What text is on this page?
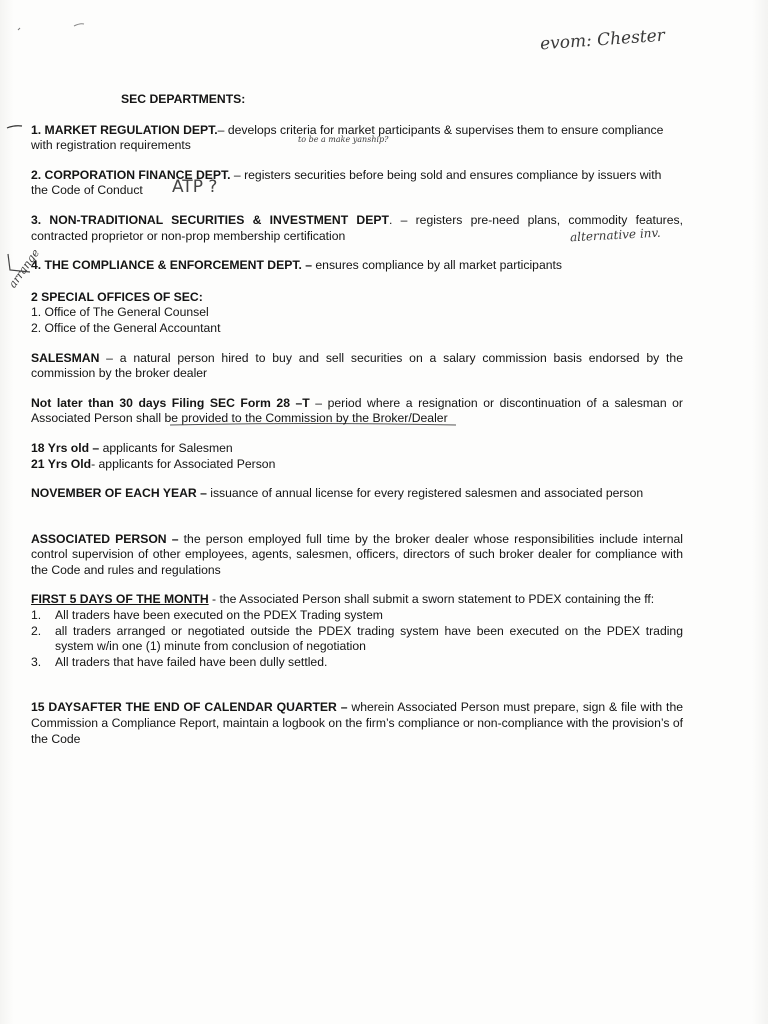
evom: Chester
to be a make yanship?
ATP ?
alternative inv.
arrange
SEC DEPARTMENTS:

1. MARKET REGULATION DEPT.– develops criteria for market participants & supervises them to ensure compliance

with registration requirements

2. CORPORATION FINANCE DEPT. – registers securities before being sold and ensures compliance by issuers with

the Code of Conduct

3. NON-TRADITIONAL SECURITIES & INVESTMENT DEPT. – registers pre-need plans, commodity features,

contracted proprietor or non-prop membership certification

4. THE COMPLIANCE & ENFORCEMENT DEPT. – ensures compliance by all market participants

2 SPECIAL OFFICES OF SEC:

1. Office of The General Counsel

2. Office of the General Accountant

SALESMAN – a natural person hired to buy and sell securities on a salary commission basis endorsed by the commission by the broker dealer

Not later than 30 days Filing SEC Form 28 –T – period where a resignation or discontinuation of a salesman or Associated Person shall be provided to the Commission by the Broker/Dealer

18 Yrs old – applicants for Salesmen

21 Yrs Old- applicants for Associated Person

NOVEMBER OF EACH YEAR – issuance of annual license for every registered salesmen and associated person

ASSOCIATED PERSON – the person employed full time by the broker dealer whose responsibilities include internal control supervision of other employees, agents, salesmen, officers, directors of such broker dealer for compliance with the Code and rules and regulations

FIRST 5 DAYS OF THE MONTH - the Associated Person shall submit a sworn statement to PDEX containing the ff:

1. All traders have been executed on the PDEX Trading system
2. all traders arranged or negotiated outside the PDEX trading system have been executed on the PDEX trading system w/in one (1) minute from conclusion of negotiation
3. All traders that have failed have been dully settled.

15 DAYSAFTER THE END OF CALENDAR QUARTER – wherein Associated Person must prepare, sign & file with the Commission a Compliance Report, maintain a logbook on the firm’s compliance or non-compliance with the provision’s of the Code
